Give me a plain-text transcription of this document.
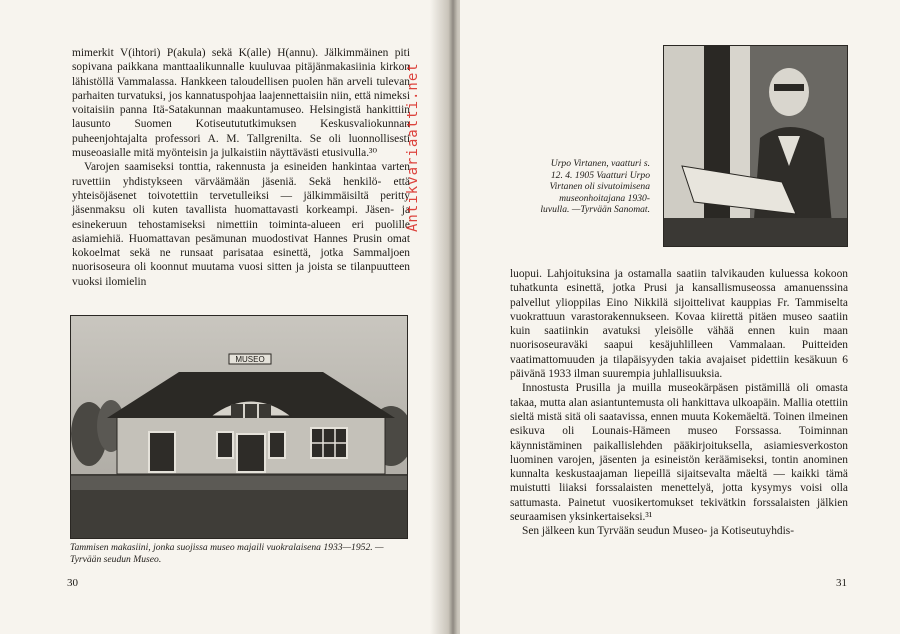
mimerkit V(ihtori) P(akula) sekä K(alle) H(annu). Jälkimmäinen piti sopivana paikkana manttaalikunnalle kuuluvaa pitäjänmakasiinia kirkon lähistöllä Vammalassa. Hankkeen taloudellisen puolen hän arveli tulevan parhaiten turvatuksi, jos kannatuspohjaa laajennettaisiin niin, että nimeksi voitaisiin panna Itä-Satakunnan maakuntamuseo. Helsingistä hankittiin lausunto Suomen Kotiseutututkimuksen Keskusvaliokunnan puheenjohtajalta professori A. M. Tallgrenilta. Se oli luonnollisesti museoasialle mitä myönteisin ja julkaistiin näyttävästi etusivulla.³⁰

Varojen saamiseksi tonttia, rakennusta ja esineiden hankintaa varten ruvettiin yhdistykseen värväämään jäseniä. Sekä henkilö- että yhteisöjäsenet toivotettiin tervetulleiksi — jälkimmäisiltä peritty jäsenmaksu oli kuten tavallista huomattavasti korkeampi. Jäsen- ja esinekeruun tehostamiseksi nimettiin toiminta-alueen eri puolille asiamiehiä. Huomattavan pesämunan muodostivat Hannes Prusin omat kokoelmat sekä ne runsaat parisataa esinettä, jotka Sammaljoen nuorisoseura oli koonnut muutama vuosi sitten ja joista se tilanpuutteen vuoksi ilomielin

MUSEO

Tammisen makasiini, jonka suojissa museo majaili vuokralaisena 1933—1952. — Tyrvään seudun Museo.

30

Urpo Virtanen, vaatturi s. 12. 4. 1905 Vaatturi Urpo Virtanen oli sivutoimisena museonhoitajana 1930-luvulla. —Tyrvään Sanomat.

luopui. Lahjoituksina ja ostamalla saatiin talvikauden kuluessa kokoon tuhatkunta esinettä, jotka Prusi ja kansallismuseossa amanuenssina palvellut ylioppilas Eino Nikkilä sijoittelivat kauppias Fr. Tammiselta vuokrattuun varastorakennukseen. Kovaa kiirettä pitäen museo saatiin kuin saatiinkin avatuksi yleisölle vähää ennen kuin maan nuorisoseuraväki saapui kesäjuhlilleen Vammalaan. Puitteiden vaatimattomuuden ja tilapäisyyden takia avajaiset pidettiin kesäkuun 6 päivänä 1933 ilman suurempia juhlallisuuksia.

Innostusta Prusilla ja muilla museokärpäsen pistämillä oli omasta takaa, mutta alan asiantuntemusta oli hankittava ulkoapäin. Mallia otettiin sieltä mistä sitä oli saatavissa, ennen muuta Kokemäeltä. Toinen ilmeinen esikuva oli Lounais-Hämeen museo Forssassa. Toiminnan käynnistäminen paikallislehden pääkirjoituksella, asiamiesverkoston luominen varojen, jäsenten ja esineistön keräämiseksi, tontin anominen kunnalta keskustaajaman liepeillä sijaitsevalta mäeltä — kaikki tämä muistutti liiaksi forssalaisten menettelyä, jotta kysymys voisi olla sattumasta. Painetut vuosikertomukset tekivätkin forssalaisten jälkien seuraamisen yksinkertaiseksi.³¹

Sen jälkeen kun Tyrvään seudun Museo- ja Kotiseutuyhdis-

31
Antikvariaatti.net
